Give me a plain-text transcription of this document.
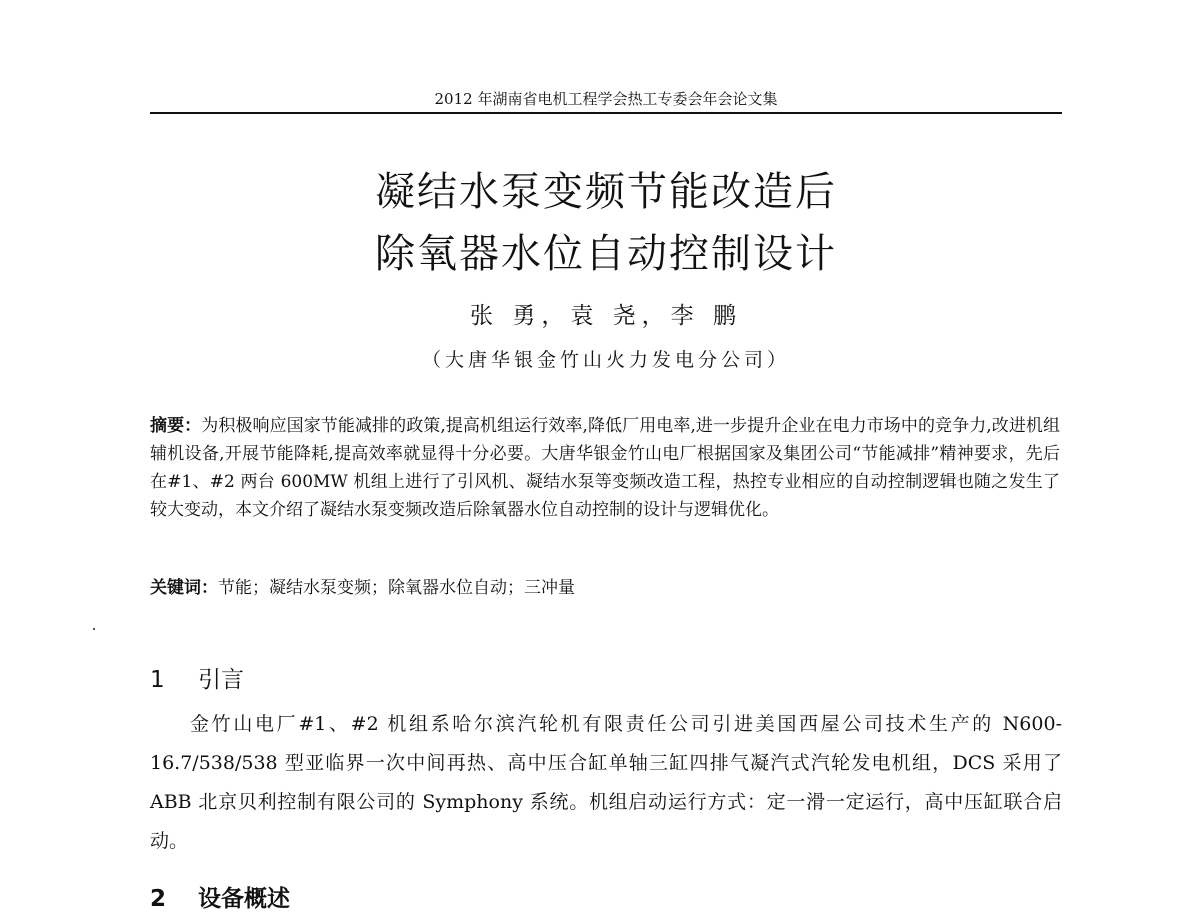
2012 年湖南省电机工程学会热工专委会年会论文集
凝结水泵变频节能改造后
除氧器水位自动控制设计
张 勇，袁 尧，李 鹏
（大唐华银金竹山火力发电分公司）
摘要：为积极响应国家节能减排的政策,提高机组运行效率,降低厂用电率,进一步提升企业在电力市场中的竞争力,改进机组辅机设备,开展节能降耗,提高效率就显得十分必要。大唐华银金竹山电厂根据国家及集团公司“节能减排”精神要求，先后在#1、#2 两台 600MW 机组上进行了引风机、凝结水泵等变频改造工程，热控专业相应的自动控制逻辑也随之发生了较大变动，本文介绍了凝结水泵变频改造后除氧器水位自动控制的设计与逻辑优化。
关键词：节能；凝结水泵变频；除氧器水位自动；三冲量
1 引言
金竹山电厂#1、#2 机组系哈尔滨汽轮机有限责任公司引进美国西屋公司技术生产的 N600-16.7/538/538 型亚临界一次中间再热、高中压合缸单轴三缸四排气凝汽式汽轮发电机组，DCS 采用了 ABB 北京贝利控制有限公司的 Symphony 系统。机组启动运行方式：定一滑一定运行，高中压缸联合启动。
2 设备概述
